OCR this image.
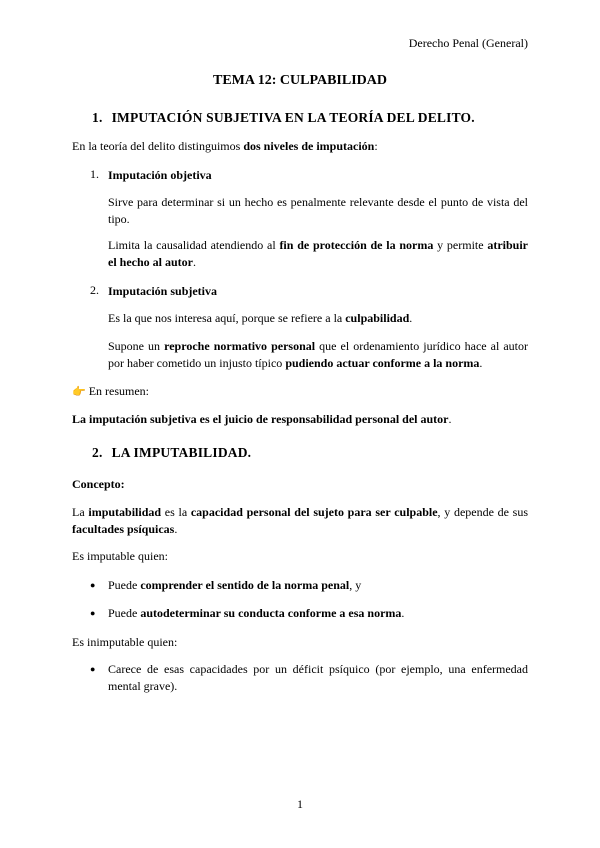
Derecho Penal (General)
TEMA 12: CULPABILIDAD
1. IMPUTACIÓN SUBJETIVA EN LA TEORÍA DEL DELITO.
En la teoría del delito distinguimos dos niveles de imputación:
1. Imputación objetiva
Sirve para determinar si un hecho es penalmente relevante desde el punto de vista del tipo.
Limita la causalidad atendiendo al fin de protección de la norma y permite atribuir el hecho al autor.
2. Imputación subjetiva
Es la que nos interesa aquí, porque se refiere a la culpabilidad.
Supone un reproche normativo personal que el ordenamiento jurídico hace al autor por haber cometido un injusto típico pudiendo actuar conforme a la norma.
👉 En resumen:
La imputación subjetiva es el juicio de responsabilidad personal del autor.
2. LA IMPUTABILIDAD.
Concepto:
La imputabilidad es la capacidad personal del sujeto para ser culpable, y depende de sus facultades psíquicas.
Es imputable quien:
● Puede comprender el sentido de la norma penal, y
● Puede autodeterminar su conducta conforme a esa norma.
Es inimputable quien:
● Carece de esas capacidades por un déficit psíquico (por ejemplo, una enfermedad mental grave).
1
